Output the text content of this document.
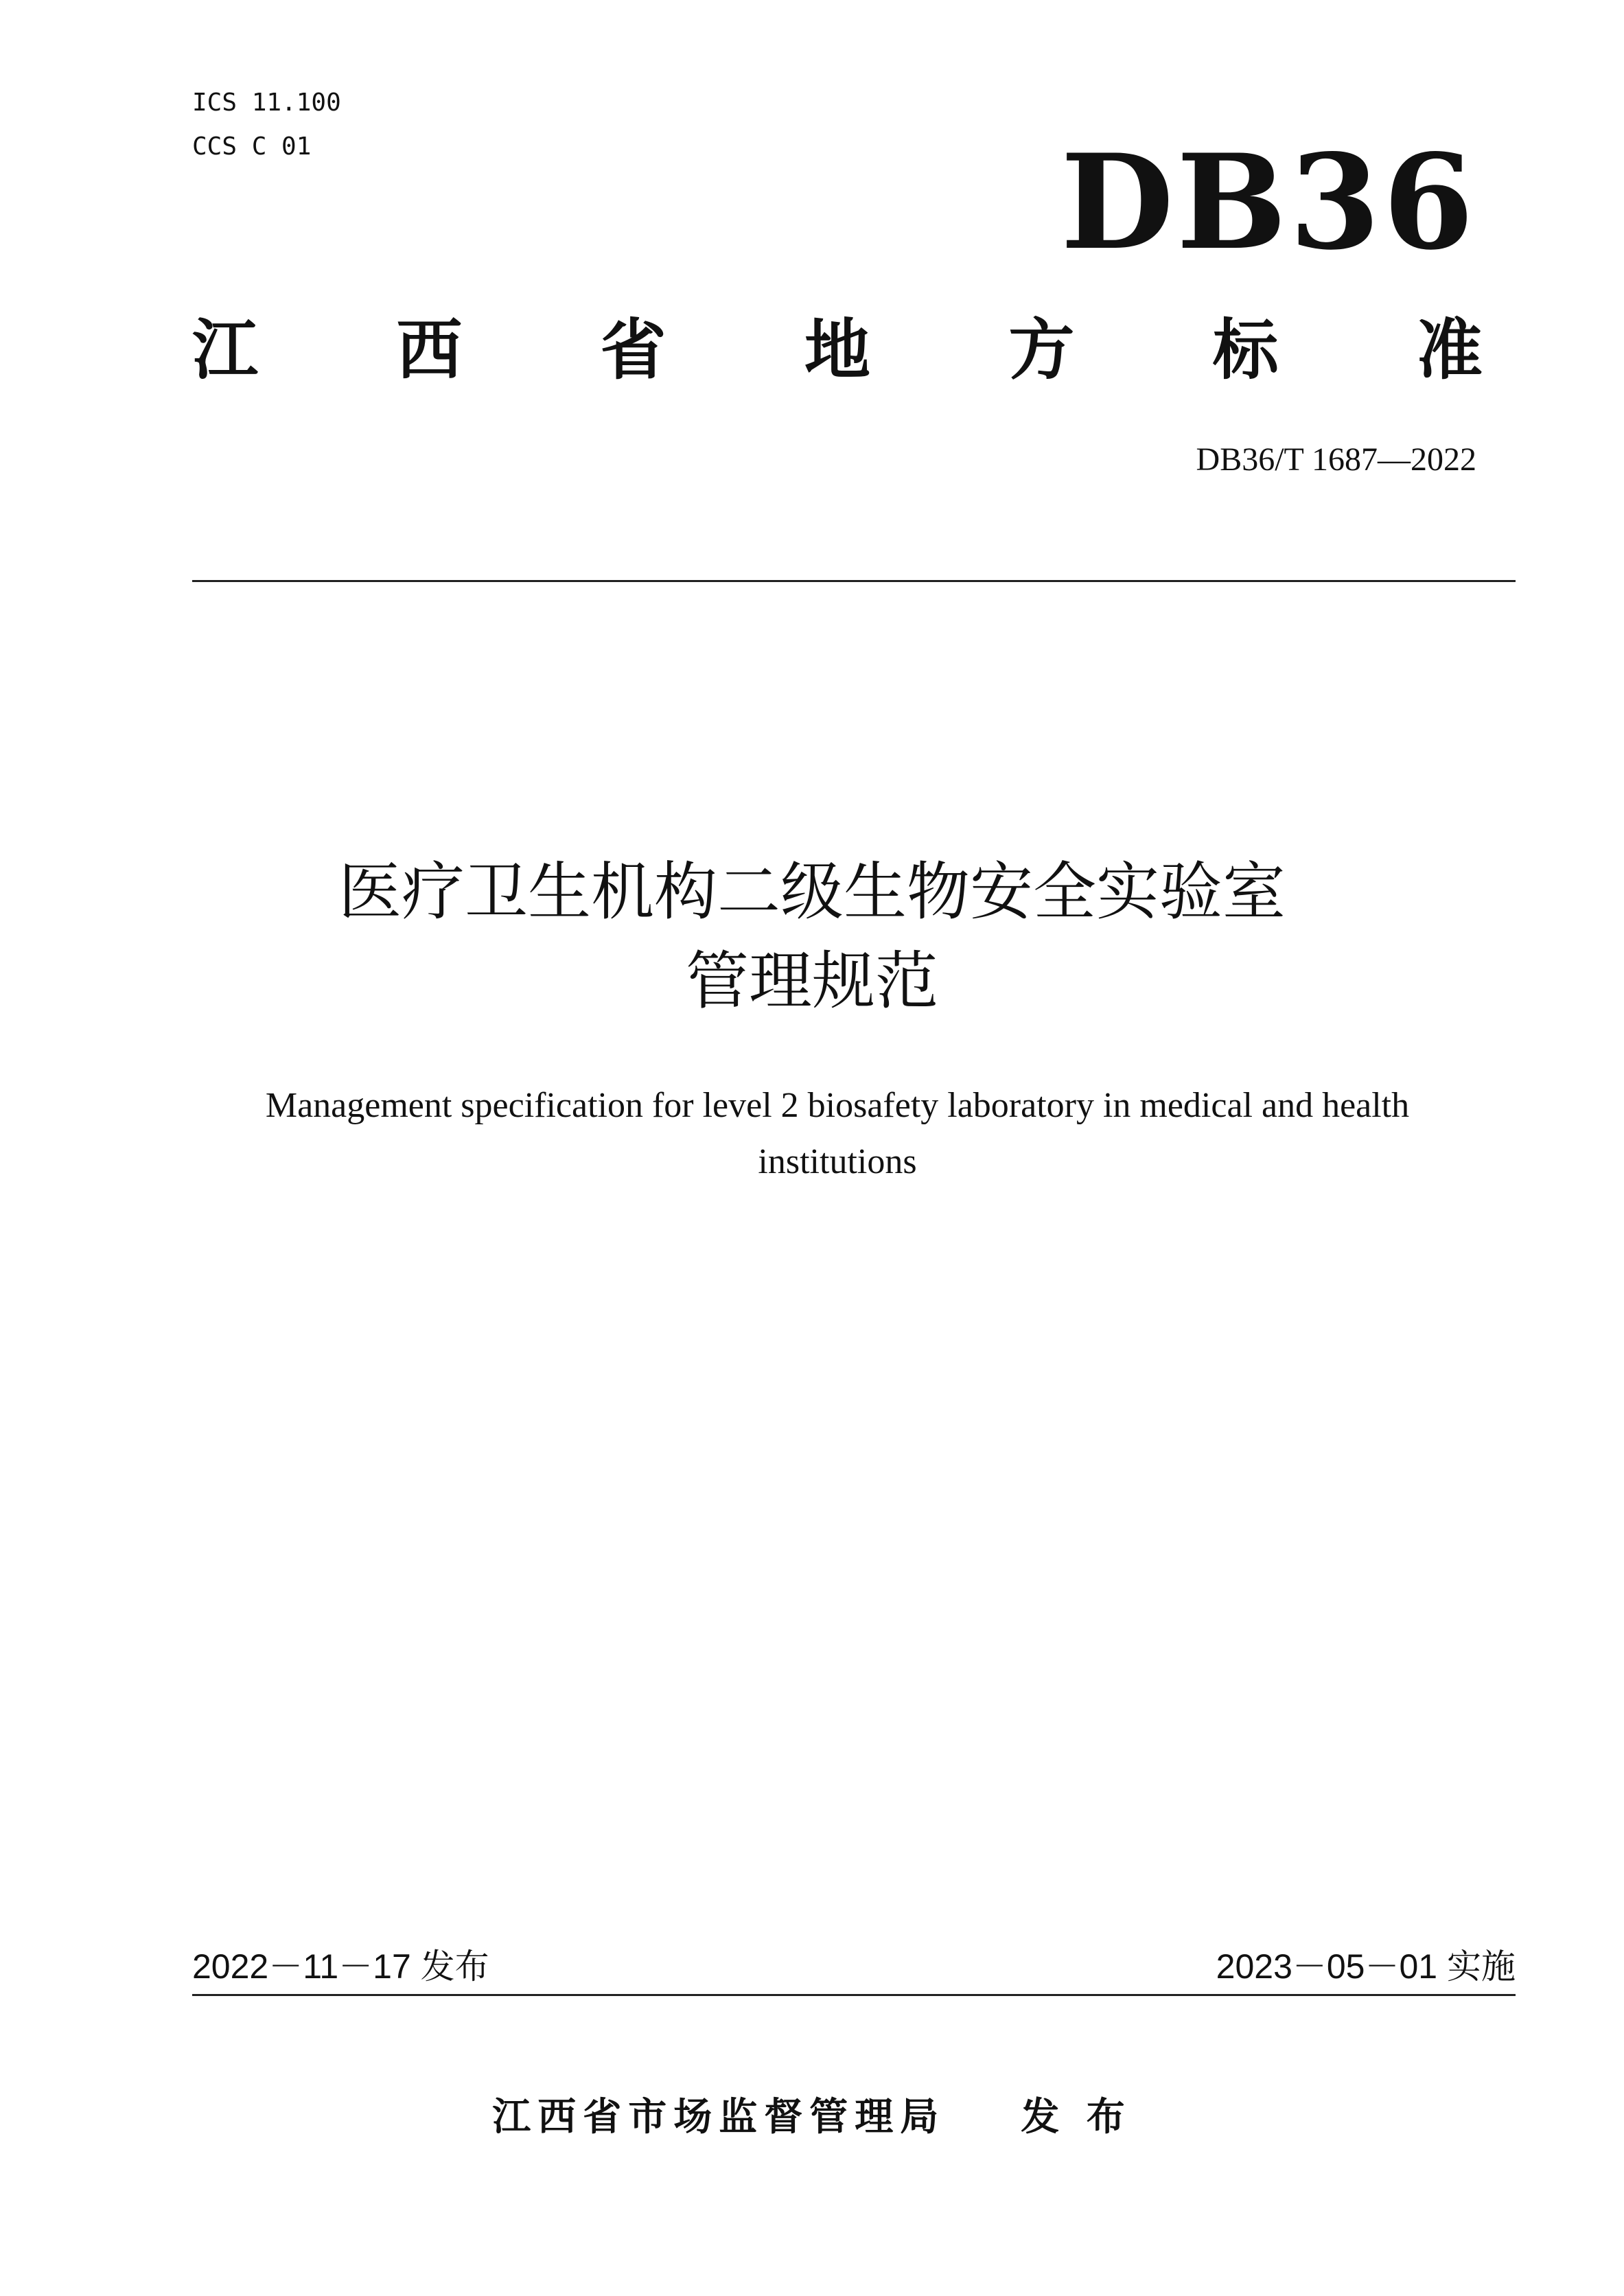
ICS 11.100
CCS C 01	DB36
江 西 省 地 方 标 准
DB36/T 1687—2022
医疗卫生机构二级生物安全实验室
管理规范
Management specification for level 2 biosafety laboratory in medical and health
institutions
2022－11－17 发布	2023－05－01 实施
江西省市场监督管理局 发 布
